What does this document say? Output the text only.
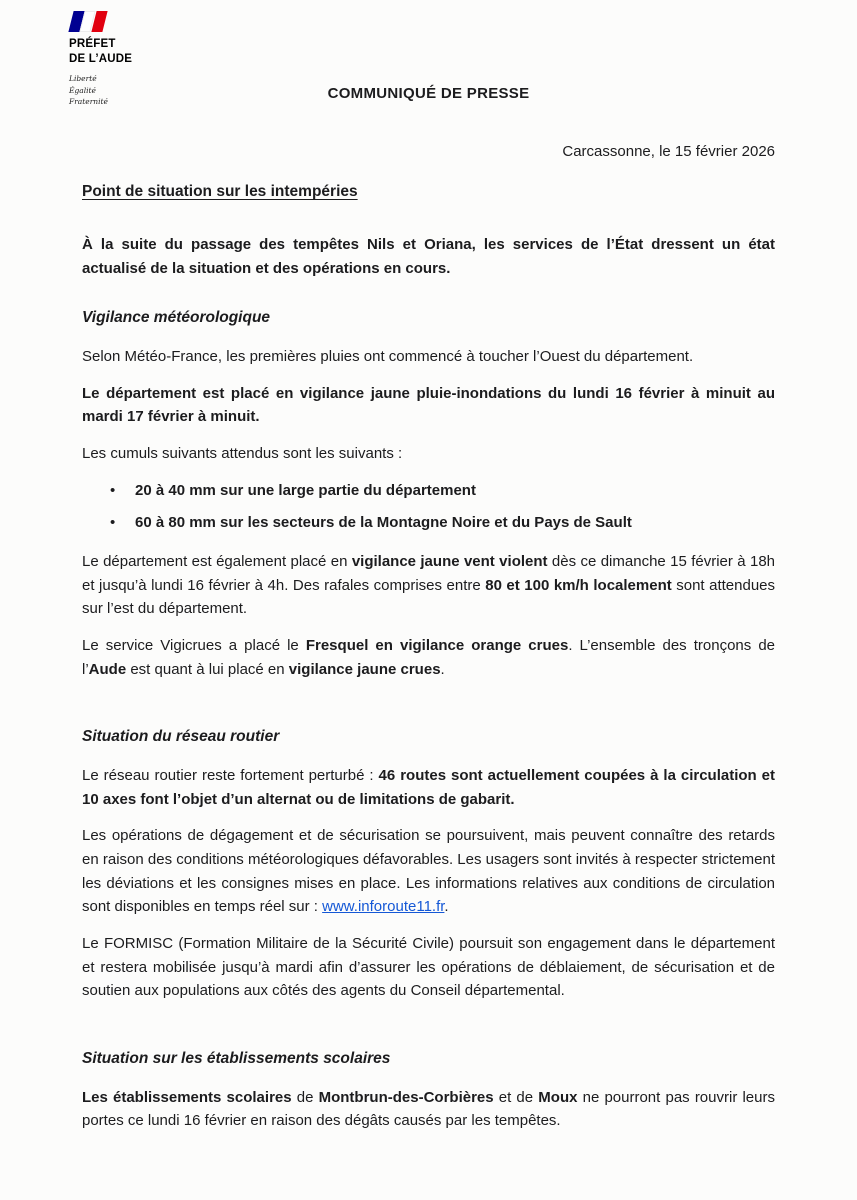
PRÉFET
DE L’AUDE
Liberté
Égalité
Fraternité	COMMUNIQUÉ DE PRESSE
Carcassonne, le 15 février 2026
Point de situation sur les intempéries

À la suite du passage des tempêtes Nils et Oriana, les services de l’État dressent un état actualisé de la situation et des opérations en cours.

Vigilance météorologique

Selon Météo-France, les premières pluies ont commencé à toucher l’Ouest du département.

Le département est placé en vigilance jaune pluie-inondations du lundi 16 février à minuit au mardi 17 février à minuit.

Les cumuls suivants attendus sont les suivants :

• 20 à 40 mm sur une large partie du département
• 60 à 80 mm sur les secteurs de la Montagne Noire et du Pays de Sault

Le département est également placé en vigilance jaune vent violent dès ce dimanche 15 février à 18h et jusqu’à lundi 16 février à 4h. Des rafales comprises entre 80 et 100 km/h localement sont attendues sur l’est du département.

Le service Vigicrues a placé le Fresquel en vigilance orange crues. L’ensemble des tronçons de l’Aude est quant à lui placé en vigilance jaune crues.

Situation du réseau routier

Le réseau routier reste fortement perturbé : 46 routes sont actuellement coupées à la circulation et 10 axes font l’objet d’un alternat ou de limitations de gabarit.

Les opérations de dégagement et de sécurisation se poursuivent, mais peuvent connaître des retards en raison des conditions météorologiques défavorables. Les usagers sont invités à respecter strictement les déviations et les consignes mises en place. Les informations relatives aux conditions de circulation sont disponibles en temps réel sur : www.inforoute11.fr.

Le FORMISC (Formation Militaire de la Sécurité Civile) poursuit son engagement dans le département et restera mobilisée jusqu’à mardi afin d’assurer les opérations de déblaiement, de sécurisation et de soutien aux populations aux côtés des agents du Conseil départemental.

Situation sur les établissements scolaires

Les établissements scolaires de Montbrun-des-Corbières et de Moux ne pourront pas rouvrir leurs portes ce lundi 16 février en raison des dégâts causés par les tempêtes.
